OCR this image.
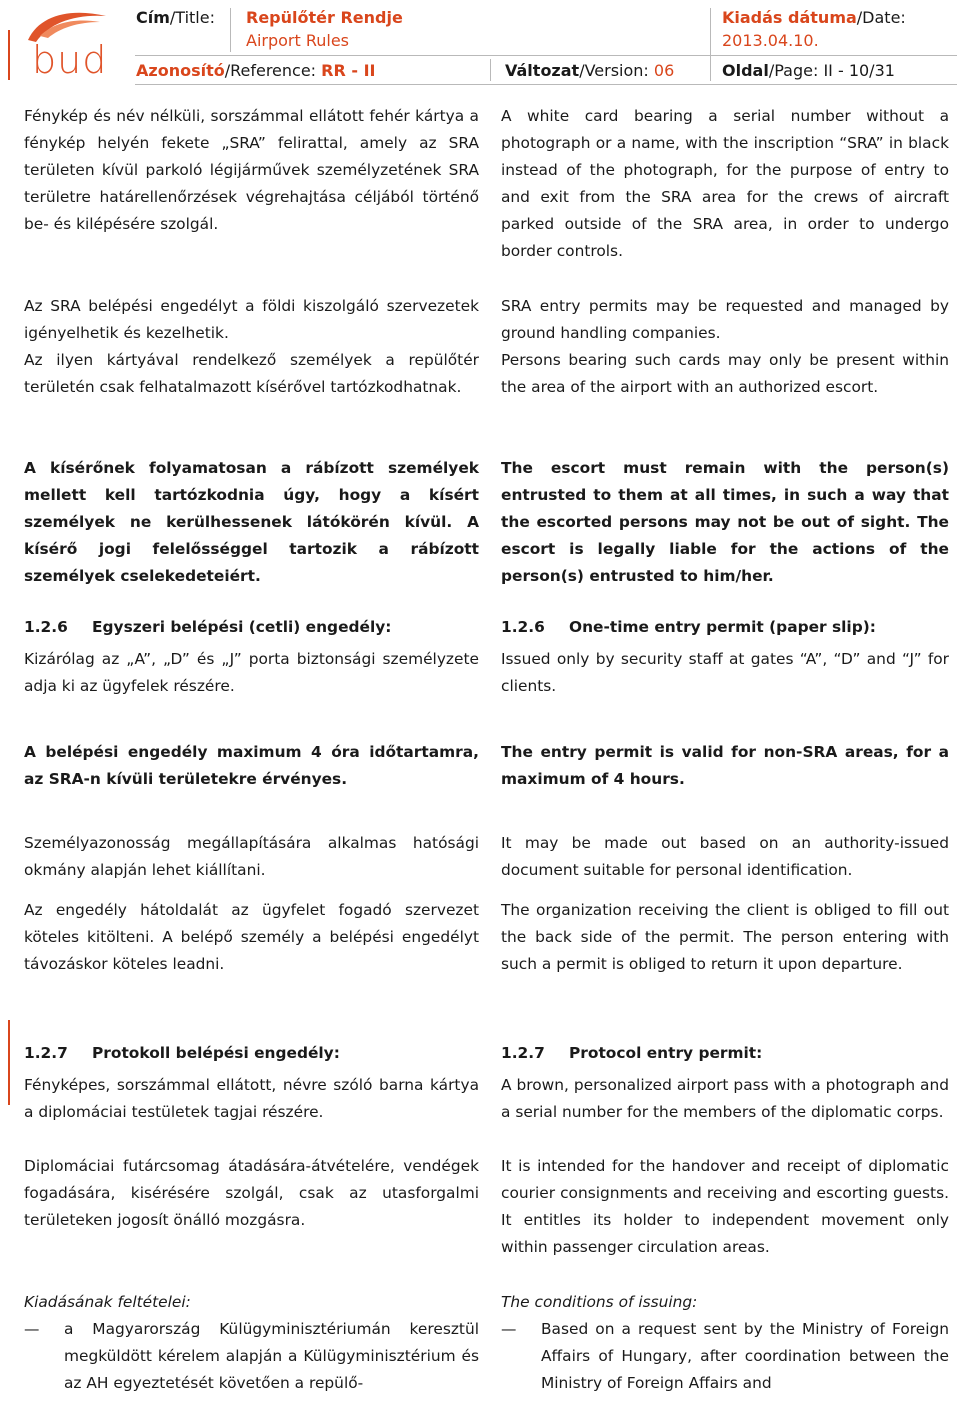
bud
Cím/Title: Repülőtér Rendje
Airport Rules
Kiadás dátuma/Date:
2013.04.10.
Azonosító/Reference: RR - II	Változat/Version: 06	Oldal/Page: II - 10/31

Fénykép és név nélküli, sorszámmal ellátott fehér kártya a fénykép helyén fekete „SRA” felirattal, amely az SRA területen kívül parkoló légijárművek személyzetének SRA területre határellenőrzések végrehajtása céljából történő be- és kilépésére szolgál.

Az SRA belépési engedélyt a földi kiszolgáló szervezetek igényelhetik és kezelhetik.

Az ilyen kártyával rendelkező személyek a repülőtér területén csak felhatalmazott kísérővel tartózkodhatnak.

A kísérőnek folyamatosan a rábízott személyek mellett kell tartózkodnia úgy, hogy a kísért személyek ne kerülhessenek látókörén kívül. A kísérő jogi felelősséggel tartozik a rábízott személyek cselekedeteiért.

1.2.6 Egyszeri belépési (cetli) engedély:

Kizárólag az „A”, „D” és „J” porta biztonsági személyzete adja ki az ügyfelek részére.

A belépési engedély maximum 4 óra időtartamra, az SRA-n kívüli területekre érvényes.

Személyazonosság megállapítására alkalmas hatósági okmány alapján lehet kiállítani.

Az engedély hátoldalát az ügyfelet fogadó szervezet köteles kitölteni. A belépő személy a belépési engedélyt távozáskor köteles leadni.

1.2.7 Protokoll belépési engedély:

Fényképes, sorszámmal ellátott, névre szóló barna kártya a diplomáciai testületek tagjai részére.

Diplomáciai futárcsomag átadására-átvételére, vendégek fogadására, kisérésére szolgál, csak az utasforgalmi területeken jogosít önálló mozgásra.

Kiadásának feltételei:

— a Magyarország Külügyminisztériumán keresztül megküldött kérelem alapján a Külügyminisztérium és az AH egyeztetését követően a repülő-

A white card bearing a serial number without a photograph or a name, with the inscription “SRA” in black instead of the photograph, for the purpose of entry to and exit from the SRA area for the crews of aircraft parked outside of the SRA area, in order to undergo border controls.

SRA entry permits may be requested and managed by ground handling companies.

Persons bearing such cards may only be present within the area of the airport with an authorized escort.

The escort must remain with the person(s) entrusted to them at all times, in such a way that the escorted persons may not be out of sight. The escort is legally liable for the actions of the person(s) entrusted to him/her.

1.2.6 One-time entry permit (paper slip):

Issued only by security staff at gates “A”, “D” and “J” for clients.

The entry permit is valid for non-SRA areas, for a maximum of 4 hours.

It may be made out based on an authority-issued document suitable for personal identification.

The organization receiving the client is obliged to fill out the back side of the permit. The person entering with such a permit is obliged to return it upon departure.

1.2.7 Protocol entry permit:

A brown, personalized airport pass with a photograph and a serial number for the members of the diplomatic corps.

It is intended for the handover and receipt of diplomatic courier consignments and receiving and escorting guests. It entitles its holder to independent movement only within passenger circulation areas.

The conditions of issuing:

— Based on a request sent by the Ministry of Foreign Affairs of Hungary, after coordination between the Ministry of Foreign Affairs and
